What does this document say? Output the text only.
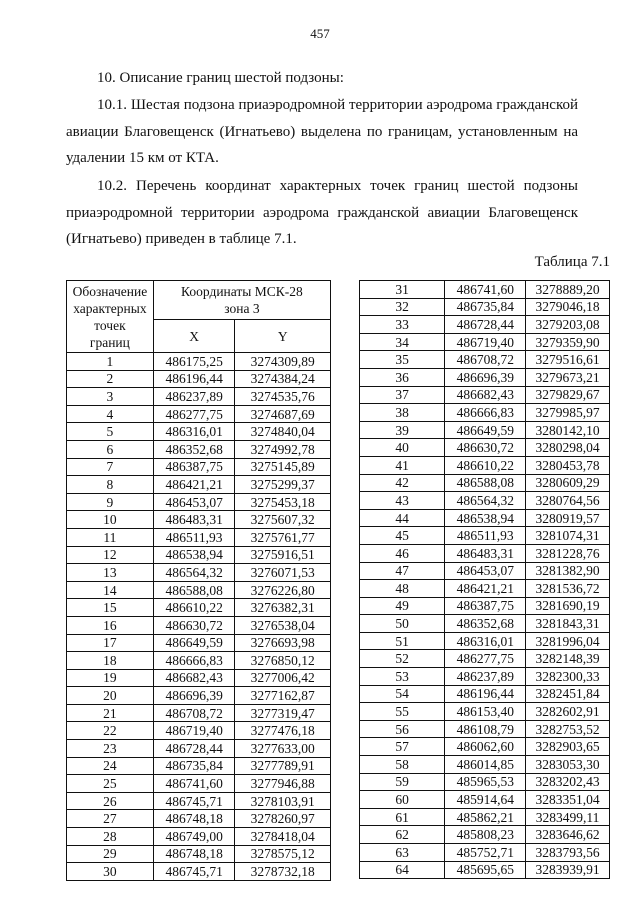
457
10. Описание границ шестой подзоны:
10.1. Шестая подзона приаэродромной территории аэродрома гражданской авиации Благовещенск (Игнатьево) выделена по границам, установленным на удалении 15 км от КТА.
10.2. Перечень координат характерных точек границ шестой подзоны приаэродромной территории аэродрома гражданской авиации Благовещенск (Игнатьево) приведен в таблице 7.1.
Таблица 7.1
Обозначение
характерных
точек
границ	Координаты МСК-28 зона 3	
	X	Y
1	486175,25	3274309,89
2	486196,44	3274384,24
3	486237,89	3274535,76
4	486277,75	3274687,69
5	486316,01	3274840,04
6	486352,68	3274992,78
7	486387,75	3275145,89
8	486421,21	3275299,37
9	486453,07	3275453,18
10	486483,31	3275607,32
11	486511,93	3275761,77
12	486538,94	3275916,51
13	486564,32	3276071,53
14	486588,08	3276226,80
15	486610,22	3276382,31
16	486630,72	3276538,04
17	486649,59	3276693,98
18	486666,83	3276850,12
19	486682,43	3277006,42
20	486696,39	3277162,87
21	486708,72	3277319,47
22	486719,40	3277476,18
23	486728,44	3277633,00
24	486735,84	3277789,91
25	486741,60	3277946,88
26	486745,71	3278103,91
27	486748,18	3278260,97
28	486749,00	3278418,04
29	486748,18	3278575,12
30	486745,71	3278732,18
31	486741,60	3278889,20
32	486735,84	3279046,18
33	486728,44	3279203,08
34	486719,40	3279359,90
35	486708,72	3279516,61
36	486696,39	3279673,21
37	486682,43	3279829,67
38	486666,83	3279985,97
39	486649,59	3280142,10
40	486630,72	3280298,04
41	486610,22	3280453,78
42	486588,08	3280609,29
43	486564,32	3280764,56
44	486538,94	3280919,57
45	486511,93	3281074,31
46	486483,31	3281228,76
47	486453,07	3281382,90
48	486421,21	3281536,72
49	486387,75	3281690,19
50	486352,68	3281843,31
51	486316,01	3281996,04
52	486277,75	3282148,39
53	486237,89	3282300,33
54	486196,44	3282451,84
55	486153,40	3282602,91
56	486108,79	3282753,52
57	486062,60	3282903,65
58	486014,85	3283053,30
59	485965,53	3283202,43
60	485914,64	3283351,04
61	485862,21	3283499,11
62	485808,23	3283646,62
63	485752,71	3283793,56
64	485695,65	3283939,91
